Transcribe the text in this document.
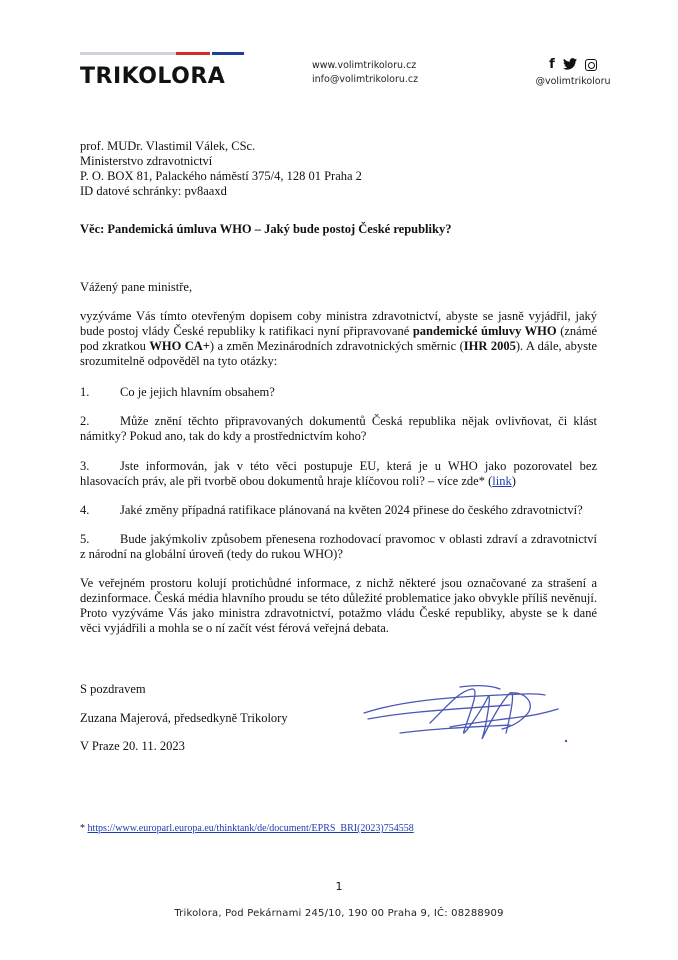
TRIKOLORA	www.volimtrikoloru.cz
info@volimtrikoloru.cz
f
@volimtrikoloru
prof. MUDr. Vlastimil Válek, CSc.
Ministerstvo zdravotnictví
P. O. BOX 81, Palackého náměstí 375/4, 128 01 Praha 2
ID datové schránky: pv8aaxd
Věc: Pandemická úmluva WHO – Jaký bude postoj České republiky?
Vážený pane ministře,
vyzýváme Vás tímto otevřeným dopisem coby ministra zdravotnictví, abyste se jasně vyjádřil, jaký bude postoj vlády České republiky k ratifikaci nyní připravované pandemické úmluvy WHO (známé pod zkratkou WHO CA+) a změn Mezinárodních zdravotnických směrnic (IHR 2005). A dále, abyste srozumitelně odpověděl na tyto otázky:
1. Co je jejich hlavním obsahem?
2. Může znění těchto připravovaných dokumentů Česká republika nějak ovlivňovat, či klást námitky? Pokud ano, tak do kdy a prostřednictvím koho?
3. Jste informován, jak v této věci postupuje EU, která je u WHO jako pozorovatel bez hlasovacích práv, ale při tvorbě obou dokumentů hraje klíčovou roli? – více zde* (link)
4. Jaké změny případná ratifikace plánovaná na květen 2024 přinese do českého zdravotnictví?
5. Bude jakýmkoliv způsobem přenesena rozhodovací pravomoc v oblasti zdraví a zdravotnictví z národní na globální úroveň (tedy do rukou WHO)?
Ve veřejném prostoru kolují protichůdné informace, z nichž některé jsou označované za strašení a dezinformace. Česká média hlavního proudu se této důležité problematice jako obvykle příliš nevěnují. Proto vyzýváme Vás jako ministra zdravotnictví, potažmo vládu České republiky, abyste se k dané věci vyjádřili a mohla se o ní začít vést férová veřejná debata.
S pozdravem
Zuzana Majerová, předsedkyně Trikolory
V Praze 20. 11. 2023
* https://www.europarl.europa.eu/thinktank/de/document/EPRS_BRI(2023)754558
1
Trikolora, Pod Pekárnami 245/10, 190 00 Praha 9, IČ: 08288909
